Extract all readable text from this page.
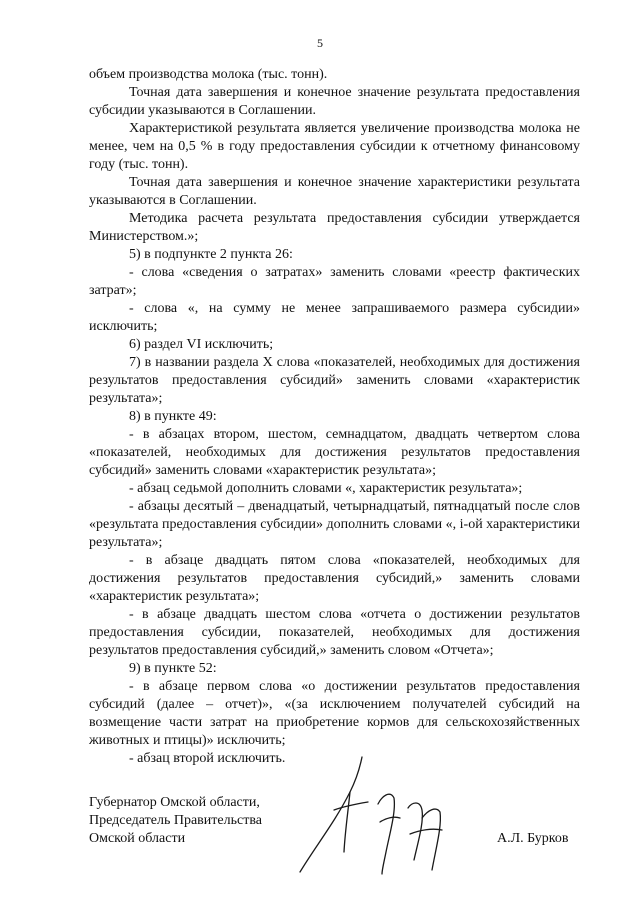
5

объем производства молока (тыс. тонн).

Точная дата завершения и конечное значение результата предоставления субсидии указываются в Соглашении.

Характеристикой результата является увеличение производства молока не менее, чем на 0,5 % в году предоставления субсидии к отчетному финансовому году (тыс. тонн).

Точная дата завершения и конечное значение характеристики результата указываются в Соглашении.

Методика расчета результата предоставления субсидии утверждается Министерством.»;

5) в подпункте 2 пункта 26:

- слова «сведения о затратах» заменить словами «реестр фактических затрат»;

- слова «, на сумму не менее запрашиваемого размера субсидии» исключить;

6) раздел VI исключить;

7) в названии раздела X слова «показателей, необходимых для достижения результатов предоставления субсидий» заменить словами «характеристик результата»;

8) в пункте 49:

- в абзацах втором, шестом, семнадцатом, двадцать четвертом слова «показателей, необходимых для достижения результатов предоставления субсидий» заменить словами «характеристик результата»;

- абзац седьмой дополнить словами «, характеристик результата»;

- абзацы десятый – двенадцатый, четырнадцатый, пятнадцатый после слов «результата предоставления субсидии» дополнить словами «, i-ой характеристики результата»;

- в абзаце двадцать пятом слова «показателей, необходимых для достижения результатов предоставления субсидий,» заменить словами «характеристик результата»;

- в абзаце двадцать шестом слова «отчета о достижении результатов предоставления субсидии, показателей, необходимых для достижения результатов предоставления субсидий,» заменить словом «Отчета»;

9) в пункте 52:

- в абзаце первом слова «о достижении результатов предоставления субсидий (далее – отчет)», «(за исключением получателей субсидий на возмещение части затрат на приобретение кормов для сельскохозяйственных животных и птицы)» исключить;

- абзац второй исключить.

Губернатор Омской области,
Председатель Правительства
Омской области	А.Л. Бурков
